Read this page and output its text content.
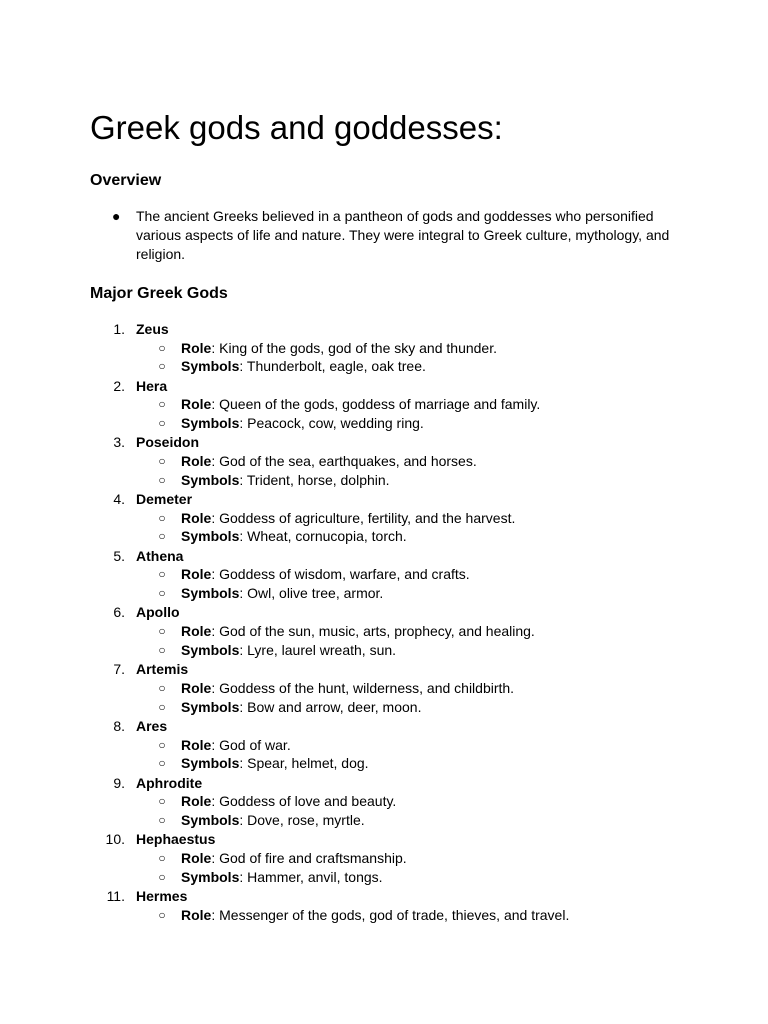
Greek gods and goddesses:
Overview
●	The ancient Greeks believed in a pantheon of gods and goddesses who personified various aspects of life and nature. They were integral to Greek culture, mythology, and religion.
Major Greek Gods
1. Zeus
○ Role: King of the gods, god of the sky and thunder.
○ Symbols: Thunderbolt, eagle, oak tree.
2. Hera
○ Role: Queen of the gods, goddess of marriage and family.
○ Symbols: Peacock, cow, wedding ring.
3. Poseidon
○ Role: God of the sea, earthquakes, and horses.
○ Symbols: Trident, horse, dolphin.
4. Demeter
○ Role: Goddess of agriculture, fertility, and the harvest.
○ Symbols: Wheat, cornucopia, torch.
5. Athena
○ Role: Goddess of wisdom, warfare, and crafts.
○ Symbols: Owl, olive tree, armor.
6. Apollo
○ Role: God of the sun, music, arts, prophecy, and healing.
○ Symbols: Lyre, laurel wreath, sun.
7. Artemis
○ Role: Goddess of the hunt, wilderness, and childbirth.
○ Symbols: Bow and arrow, deer, moon.
8. Ares
○ Role: God of war.
○ Symbols: Spear, helmet, dog.
9. Aphrodite
○ Role: Goddess of love and beauty.
○ Symbols: Dove, rose, myrtle.
10. Hephaestus
○ Role: God of fire and craftsmanship.
○ Symbols: Hammer, anvil, tongs.
11. Hermes
○ Role: Messenger of the gods, god of trade, thieves, and travel.
